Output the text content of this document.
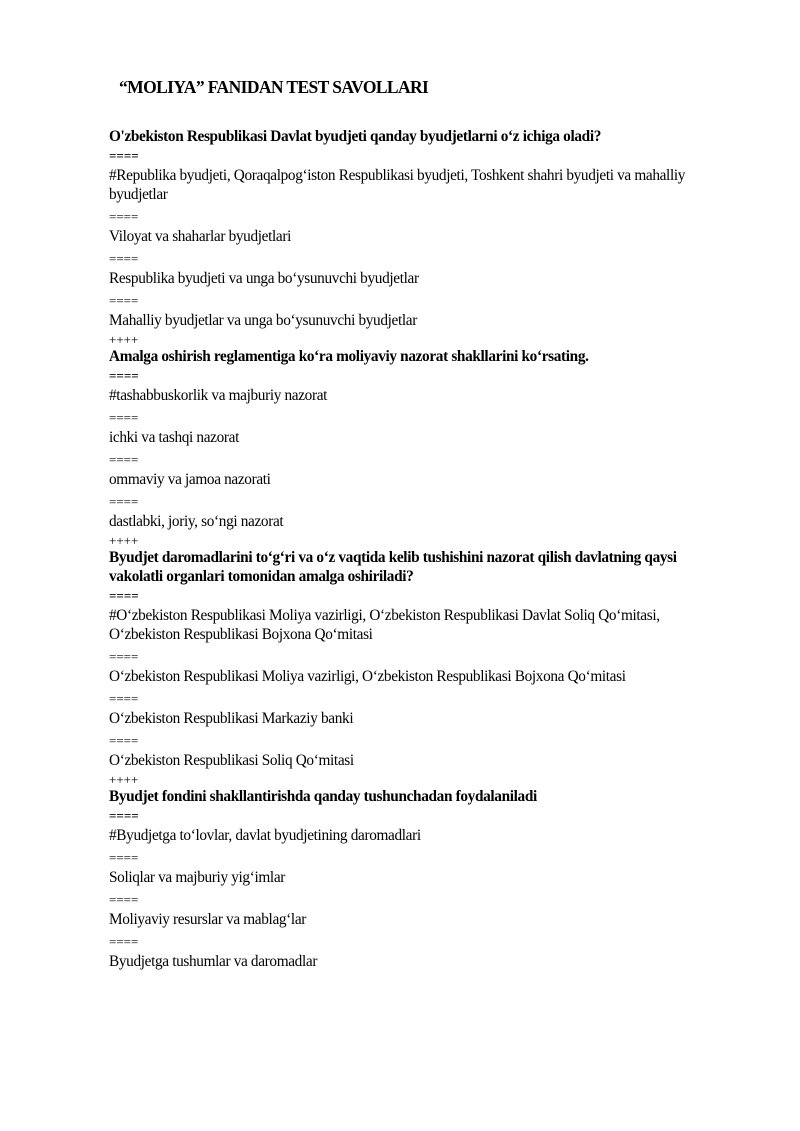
“MOLIYA” FANIDAN TEST SAVOLLARI
O'zbekiston Respublikasi Davlat byudjeti qanday byudjetlarni o‘z ichiga oladi?
====
#Republika byudjeti, Qoraqalpog‘iston Respublikasi byudjeti, Toshkent shahri byudjeti va mahalliy byudjetlar
====
Viloyat va shaharlar byudjetlari
====
Respublika byudjeti va unga bo‘ysunuvchi byudjetlar
====
Mahalliy byudjetlar va unga bo‘ysunuvchi byudjetlar
++++
Amalga oshirish reglamentiga ko‘ra moliyaviy nazorat shakllarini ko‘rsating.
====
#tashabbuskorlik va majburiy nazorat
====
ichki va tashqi nazorat
====
ommaviy va jamoa nazorati
====
dastlabki, joriy, so‘ngi nazorat
++++
Byudjet daromadlarini to‘g‘ri va o‘z vaqtida kelib tushishini nazorat qilish davlatning qaysi vakolatli organlari tomonidan amalga oshiriladi?
====
#O‘zbekiston Respublikasi Moliya vazirligi, O‘zbekiston Respublikasi Davlat Soliq Qo‘mitasi, O‘zbekiston Respublikasi Bojxona Qo‘mitasi
====
O‘zbekiston Respublikasi Moliya vazirligi, O‘zbekiston Respublikasi Bojxona Qo‘mitasi
====
O‘zbekiston Respublikasi Markaziy banki
====
O‘zbekiston Respublikasi Soliq Qo‘mitasi
++++
Byudjet fondini shakllantirishda qanday tushunchadan foydalaniladi
====
#Byudjetga to‘lovlar, davlat byudjetining daromadlari
====
Soliqlar va majburiy yig‘imlar
====
Moliyaviy resurslar va mablag‘lar
====
Byudjetga tushumlar va daromadlar
